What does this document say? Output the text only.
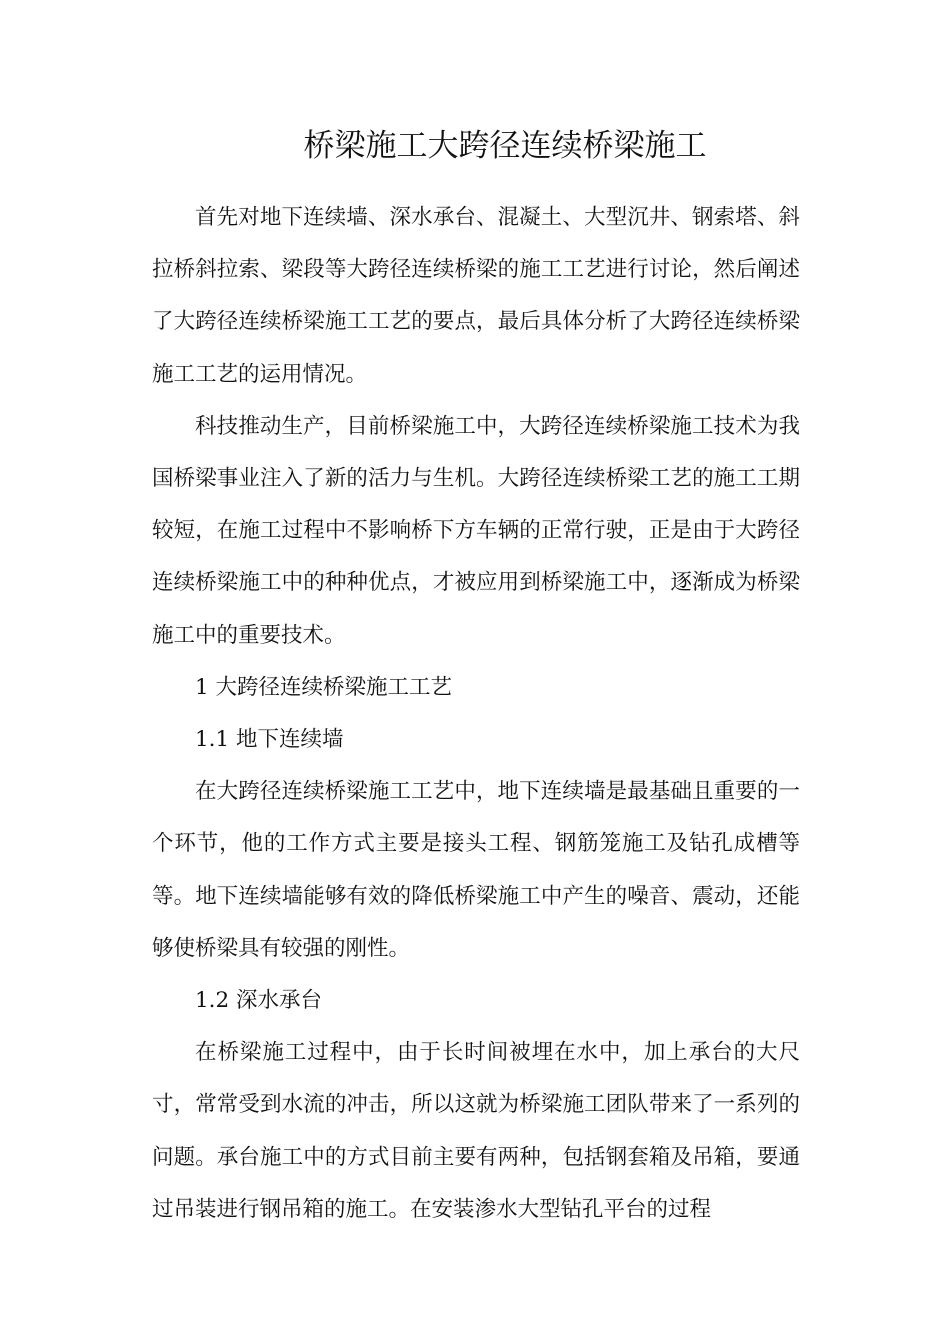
桥梁施工大跨径连续桥梁施工

首先对地下连续墙、深水承台、混凝土、大型沉井、钢索塔、斜拉桥斜拉索、梁段等大跨径连续桥梁的施工工艺进行讨论，然后阐述了大跨径连续桥梁施工工艺的要点，最后具体分析了大跨径连续桥梁施工工艺的运用情况。

科技推动生产，目前桥梁施工中，大跨径连续桥梁施工技术为我国桥梁事业注入了新的活力与生机。大跨径连续桥梁工艺的施工工期较短，在施工过程中不影响桥下方车辆的正常行驶，正是由于大跨径连续桥梁施工中的种种优点，才被应用到桥梁施工中，逐渐成为桥梁施工中的重要技术。

1 大跨径连续桥梁施工工艺

1.1 地下连续墙

在大跨径连续桥梁施工工艺中，地下连续墙是最基础且重要的一个环节，他的工作方式主要是接头工程、钢筋笼施工及钻孔成槽等等。地下连续墙能够有效的降低桥梁施工中产生的噪音、震动，还能够使桥梁具有较强的刚性。

1.2 深水承台

在桥梁施工过程中，由于长时间被埋在水中，加上承台的大尺寸，常常受到水流的冲击，所以这就为桥梁施工团队带来了一系列的问题。承台施工中的方式目前主要有两种，包括钢套箱及吊箱，要通过吊装进行钢吊箱的施工。在安装渗水大型钻孔平台的过程
